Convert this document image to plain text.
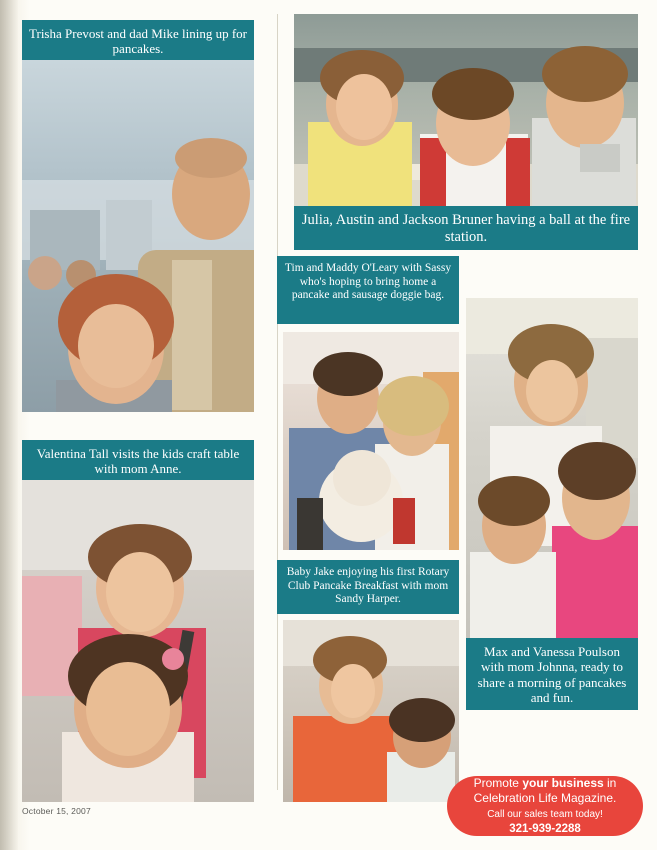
Trisha Prevost and dad Mike lining up for pancakes.
Valentina Tall visits the kids craft table with mom Anne.
Julia, Austin and Jackson Bruner having a ball at the fire station.
Tim and Maddy O'Leary with Sassy who's hoping to bring home a pancake and sausage doggie bag.
Baby Jake enjoying his first Rotary Club Pancake Breakfast with mom Sandy Harper.
Max and Vanessa Poulson with mom Johnna, ready to share a morning of pancakes and fun.
Promote your business in
Celebration Life Magazine.
Call our sales team today!
321-939-2288
October 15, 2007
